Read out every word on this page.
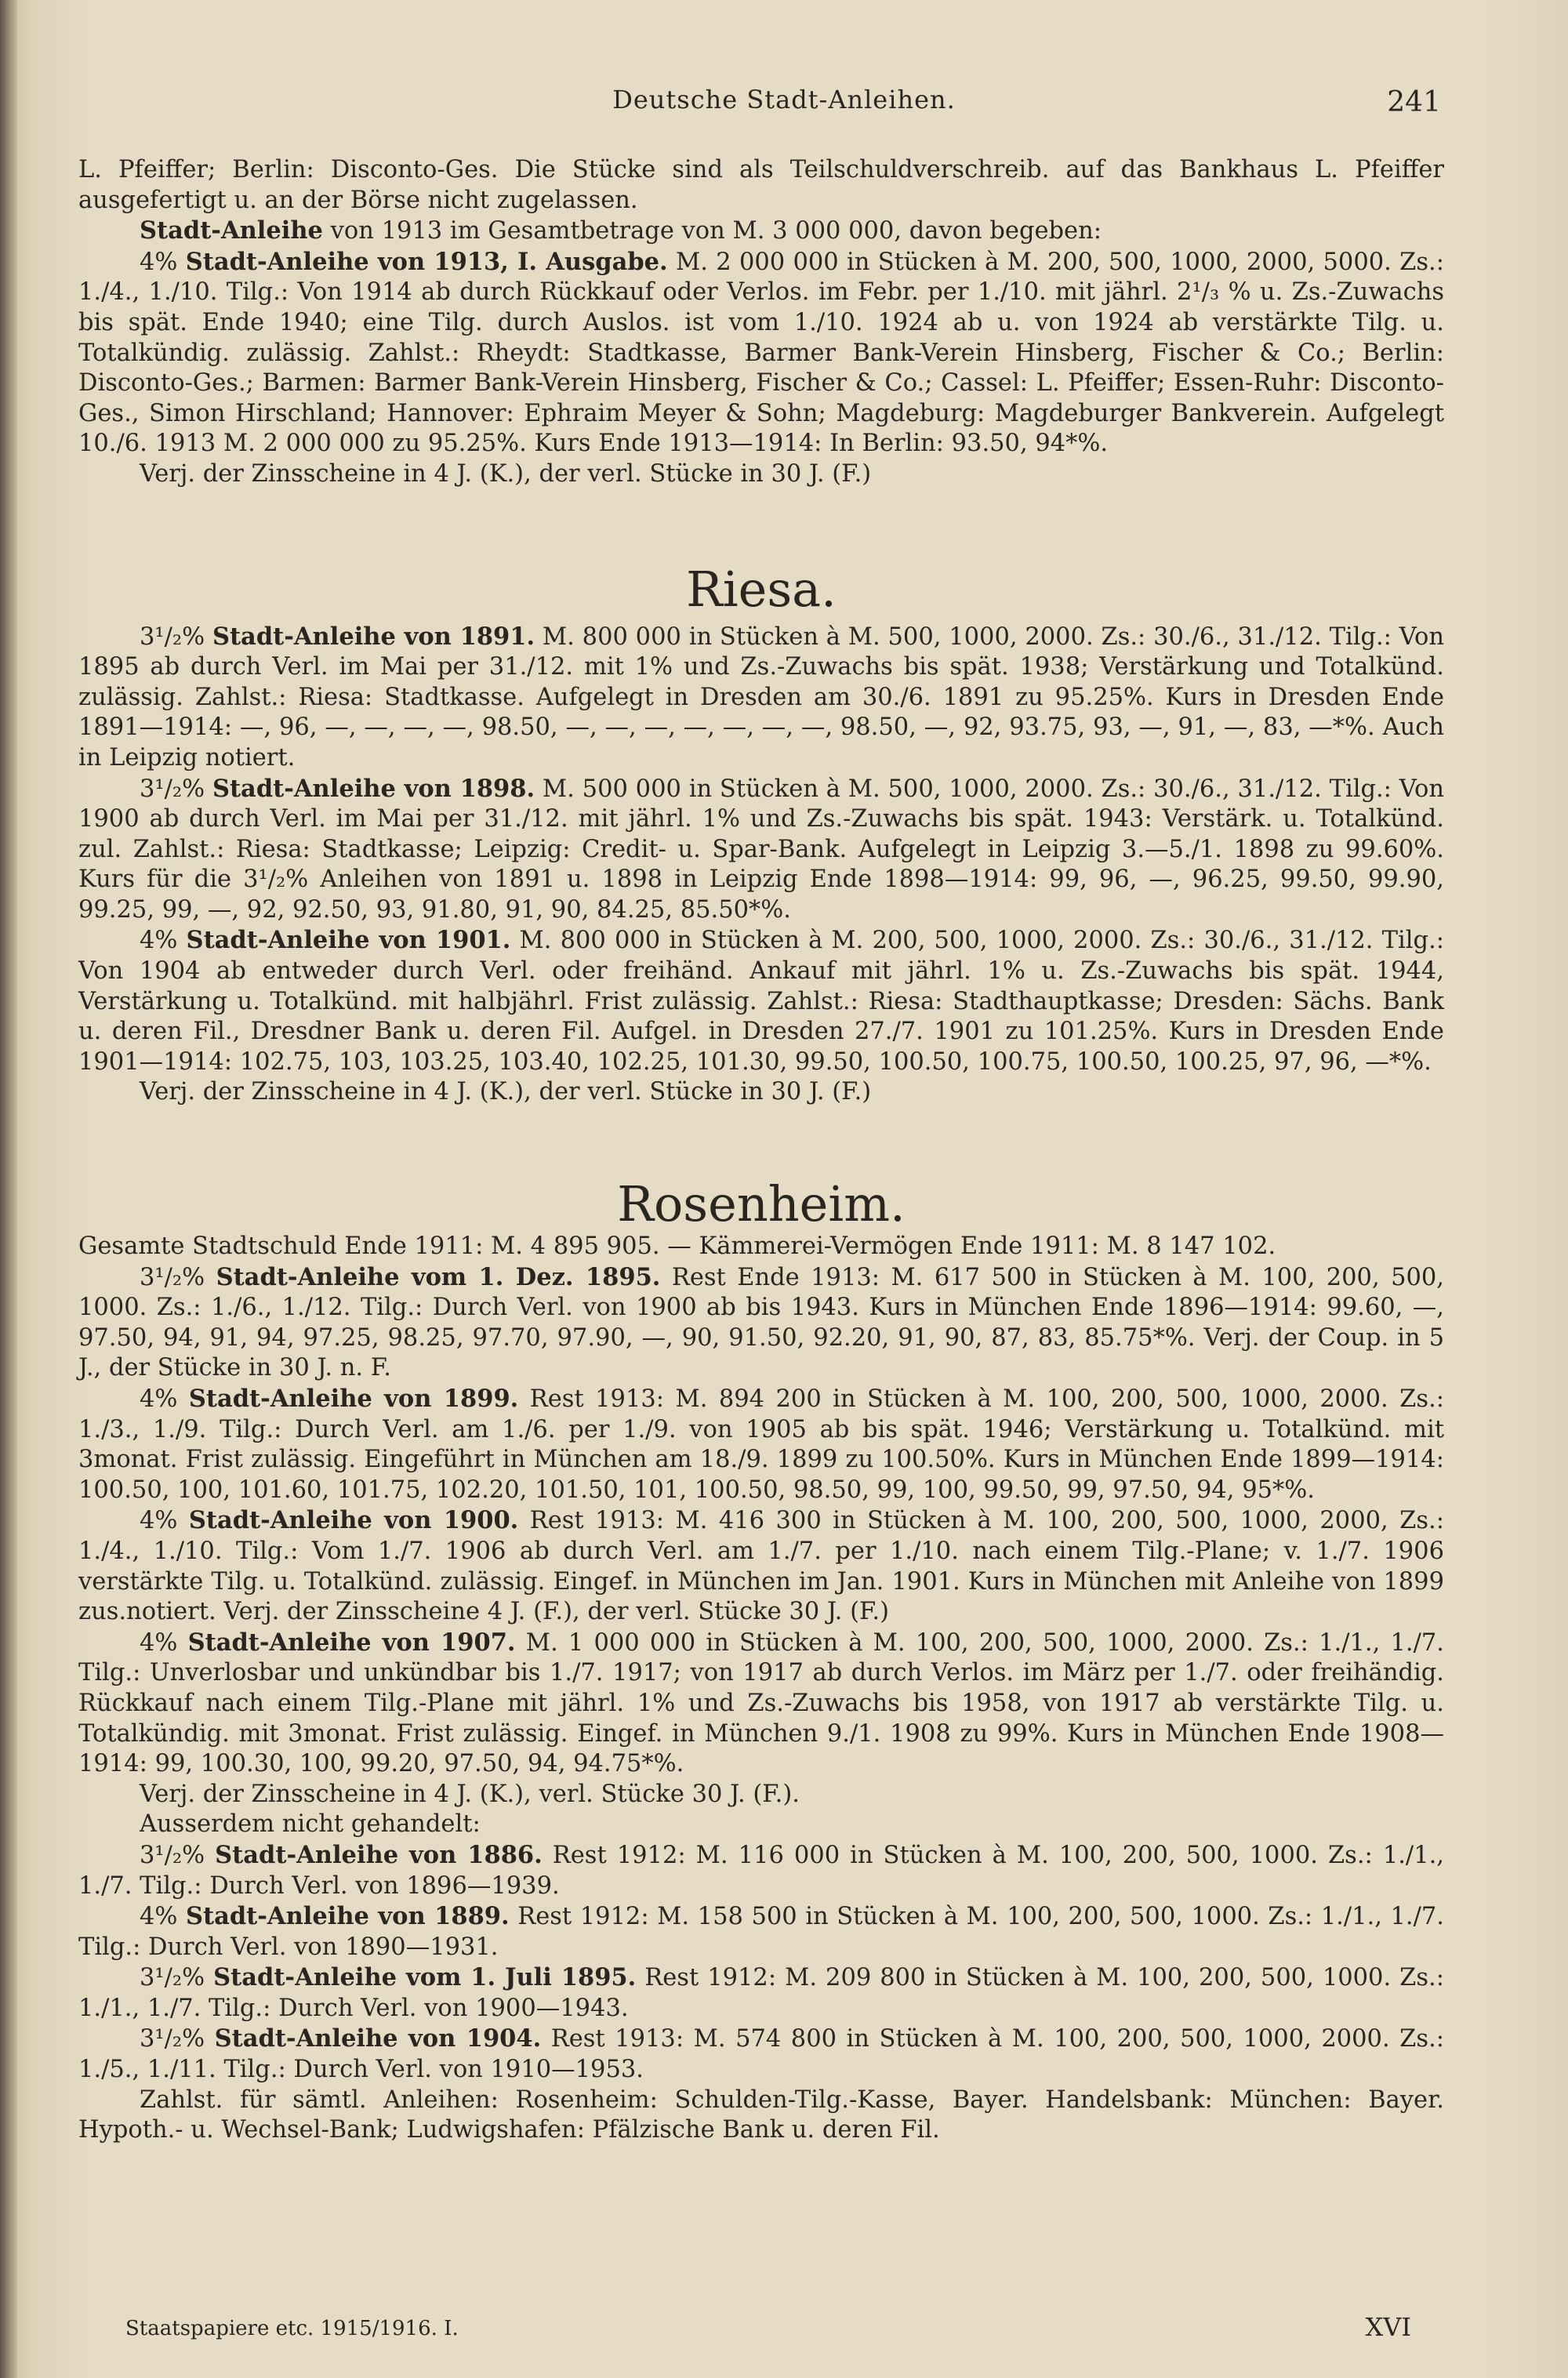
Deutsche Stadt-Anleihen.	241

L. Pfeiffer; Berlin: Disconto-Ges. Die Stücke sind als Teilschuldverschreib. auf das Bankhaus L. Pfeiffer ausgefertigt u. an der Börse nicht zugelassen.

Stadt-Anleihe von 1913 im Gesamtbetrage von M. 3 000 000, davon begeben:

4% Stadt-Anleihe von 1913, I. Ausgabe. M. 2 000 000 in Stücken à M. 200, 500, 1000, 2000, 5000. Zs.: 1./4., 1./10. Tilg.: Von 1914 ab durch Rückkauf oder Verlos. im Febr. per 1./10. mit jährl. 2¹/₃ % u. Zs.-Zuwachs bis spät. Ende 1940; eine Tilg. durch Auslos. ist vom 1./10. 1924 ab u. von 1924 ab verstärkte Tilg. u. Totalkündig. zulässig. Zahlst.: Rheydt: Stadtkasse, Barmer Bank-Verein Hinsberg, Fischer & Co.; Berlin: Disconto-Ges.; Barmen: Barmer Bank-Verein Hinsberg, Fischer & Co.; Cassel: L. Pfeiffer; Essen-Ruhr: Disconto-Ges., Simon Hirschland; Hannover: Ephraim Meyer & Sohn; Magdeburg: Magdeburger Bankverein. Aufgelegt 10./6. 1913 M. 2 000 000 zu 95.25%. Kurs Ende 1913—1914: In Berlin: 93.50, 94*%.

Verj. der Zinsscheine in 4 J. (K.), der verl. Stücke in 30 J. (F.)

Riesa.

3¹/₂% Stadt-Anleihe von 1891. M. 800 000 in Stücken à M. 500, 1000, 2000. Zs.: 30./6., 31./12. Tilg.: Von 1895 ab durch Verl. im Mai per 31./12. mit 1% und Zs.-Zuwachs bis spät. 1938; Verstärkung und Totalkünd. zulässig. Zahlst.: Riesa: Stadtkasse. Aufgelegt in Dresden am 30./6. 1891 zu 95.25%. Kurs in Dresden Ende 1891—1914: —, 96, —, —, —, —, 98.50, —, —, —, —, —, —, —, 98.50, —, 92, 93.75, 93, —, 91, —, 83, —*%. Auch in Leipzig notiert.

3¹/₂% Stadt-Anleihe von 1898. M. 500 000 in Stücken à M. 500, 1000, 2000. Zs.: 30./6., 31./12. Tilg.: Von 1900 ab durch Verl. im Mai per 31./12. mit jährl. 1% und Zs.-Zuwachs bis spät. 1943: Verstärk. u. Totalkünd. zul. Zahlst.: Riesa: Stadtkasse; Leipzig: Credit- u. Spar-Bank. Aufgelegt in Leipzig 3.—5./1. 1898 zu 99.60%. Kurs für die 3¹/₂% Anleihen von 1891 u. 1898 in Leipzig Ende 1898—1914: 99, 96, —, 96.25, 99.50, 99.90, 99.25, 99, —, 92, 92.50, 93, 91.80, 91, 90, 84.25, 85.50*%.

4% Stadt-Anleihe von 1901. M. 800 000 in Stücken à M. 200, 500, 1000, 2000. Zs.: 30./6., 31./12. Tilg.: Von 1904 ab entweder durch Verl. oder freihänd. Ankauf mit jährl. 1% u. Zs.-Zuwachs bis spät. 1944, Verstärkung u. Totalkünd. mit halbjährl. Frist zulässig. Zahlst.: Riesa: Stadthauptkasse; Dresden: Sächs. Bank u. deren Fil., Dresdner Bank u. deren Fil. Aufgel. in Dresden 27./7. 1901 zu 101.25%. Kurs in Dresden Ende 1901—1914: 102.75, 103, 103.25, 103.40, 102.25, 101.30, 99.50, 100.50, 100.75, 100.50, 100.25, 97, 96, —*%.

Verj. der Zinsscheine in 4 J. (K.), der verl. Stücke in 30 J. (F.)

Rosenheim.

Gesamte Stadtschuld Ende 1911: M. 4 895 905. — Kämmerei-Vermögen Ende 1911: M. 8 147 102.

3¹/₂% Stadt-Anleihe vom 1. Dez. 1895. Rest Ende 1913: M. 617 500 in Stücken à M. 100, 200, 500, 1000. Zs.: 1./6., 1./12. Tilg.: Durch Verl. von 1900 ab bis 1943. Kurs in München Ende 1896—1914: 99.60, —, 97.50, 94, 91, 94, 97.25, 98.25, 97.70, 97.90, —, 90, 91.50, 92.20, 91, 90, 87, 83, 85.75*%. Verj. der Coup. in 5 J., der Stücke in 30 J. n. F.

4% Stadt-Anleihe von 1899. Rest 1913: M. 894 200 in Stücken à M. 100, 200, 500, 1000, 2000. Zs.: 1./3., 1./9. Tilg.: Durch Verl. am 1./6. per 1./9. von 1905 ab bis spät. 1946; Verstärkung u. Totalkünd. mit 3monat. Frist zulässig. Eingeführt in München am 18./9. 1899 zu 100.50%. Kurs in München Ende 1899—1914: 100.50, 100, 101.60, 101.75, 102.20, 101.50, 101, 100.50, 98.50, 99, 100, 99.50, 99, 97.50, 94, 95*%.

4% Stadt-Anleihe von 1900. Rest 1913: M. 416 300 in Stücken à M. 100, 200, 500, 1000, 2000, Zs.: 1./4., 1./10. Tilg.: Vom 1./7. 1906 ab durch Verl. am 1./7. per 1./10. nach einem Tilg.-Plane; v. 1./7. 1906 verstärkte Tilg. u. Totalkünd. zulässig. Eingef. in München im Jan. 1901. Kurs in München mit Anleihe von 1899 zus.notiert. Verj. der Zinsscheine 4 J. (F.), der verl. Stücke 30 J. (F.)

4% Stadt-Anleihe von 1907. M. 1 000 000 in Stücken à M. 100, 200, 500, 1000, 2000. Zs.: 1./1., 1./7. Tilg.: Unverlosbar und unkündbar bis 1./7. 1917; von 1917 ab durch Verlos. im März per 1./7. oder freihändig. Rückkauf nach einem Tilg.-Plane mit jährl. 1% und Zs.-Zuwachs bis 1958, von 1917 ab verstärkte Tilg. u. Totalkündig. mit 3monat. Frist zulässig. Eingef. in München 9./1. 1908 zu 99%. Kurs in München Ende 1908—1914: 99, 100.30, 100, 99.20, 97.50, 94, 94.75*%.

Verj. der Zinsscheine in 4 J. (K.), verl. Stücke 30 J. (F.).

Ausserdem nicht gehandelt:

3¹/₂% Stadt-Anleihe von 1886. Rest 1912: M. 116 000 in Stücken à M. 100, 200, 500, 1000. Zs.: 1./1., 1./7. Tilg.: Durch Verl. von 1896—1939.

4% Stadt-Anleihe von 1889. Rest 1912: M. 158 500 in Stücken à M. 100, 200, 500, 1000. Zs.: 1./1., 1./7. Tilg.: Durch Verl. von 1890—1931.

3¹/₂% Stadt-Anleihe vom 1. Juli 1895. Rest 1912: M. 209 800 in Stücken à M. 100, 200, 500, 1000. Zs.: 1./1., 1./7. Tilg.: Durch Verl. von 1900—1943.

3¹/₂% Stadt-Anleihe von 1904. Rest 1913: M. 574 800 in Stücken à M. 100, 200, 500, 1000, 2000. Zs.: 1./5., 1./11. Tilg.: Durch Verl. von 1910—1953.

Zahlst. für sämtl. Anleihen: Rosenheim: Schulden-Tilg.-Kasse, Bayer. Handelsbank: München: Bayer. Hypoth.- u. Wechsel-Bank; Ludwigshafen: Pfälzische Bank u. deren Fil.

Staatspapiere etc. 1915/1916. I.	XVI
